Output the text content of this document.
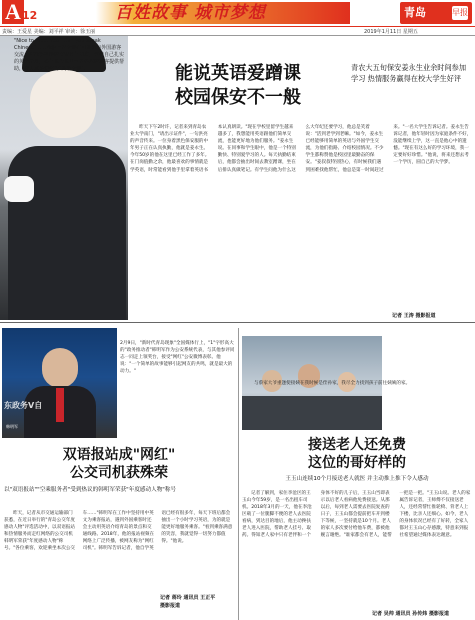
A 12	百姓故事 城市梦想	青岛	早报
责编：王爱星 美编：刘平祥 审读：徐玉丽	2019年1月11日 星期五
"Nice to meet you""Can you speak Chinese"……栈桥上的交警在用英语与外国游客交流。在栈桥执勤的交警青年刘宾，凭借自己扎实的英语功底，多年来为来自世界各地的游客提供帮助，被大家亲切称为"英语交警"。	能说英语爱蹭课
校园保安不一般
青农大五旬保安姜永生业余时间参加学习 热情服务赢得在校大学生好评
昨天下午2时许，记者来到青岛农业大学南门，"请出示证件"，一句洪亮的声音传来。一位身着黑色保安服的中年男子正在认真执勤，他就是姜永生。今年50岁的他在这里已经工作了多年。在门岗值勤之余，他最喜欢的事情就是学英语，时常能看到他手里拿着英语书本认真朗读。"现在学校里留学生越来越多了，我想能用英语跟他们简单交流，也能更好地为他们服务。"姜永生说。在同事和学生眼中，他是一个特别勤快、特别爱学习的人。每天执勤结束后，他都会抽出时间去教室蹭课，坐在后排认真做笔记。有学生问他为什么这么大年纪还要学习，他总是笑着说："活到老学到老嘛。"如今，姜永生已经能够用简单的英语与外国学生交流，为他们指路、介绍校园情况。不少学生都称赞他是校园里最勤奋的保安。"姜叔叔特别热心，有时候我们遇到困难找他帮忙，他总是第一时间赶过来。"一名大学生告诉记者。姜永生告诉记者，他年轻时因为家庭条件不好，没能继续上学，这一直是他心中的遗憾。"现在有这么好的学习环境，我一定要好好珍惜。"他说，将来还想去考一个学历，圆自己的大学梦。
记者 王涛 摄影报道
东政务V自
韩明军
2月9日，"新时代青岛现象"全国媒体行上，"1"字形高大的"政务推动者"韩明军作为公安系统代表，与其他参评同志一同走上领奖台，接受"网红"公安微博表彰。他说："一个简单的故事能够引起网友的共鸣，就是最大的动力。"
双语报站成"网红"
公交司机获殊荣
以"双语报站""空乘服务者"受到热议的韩明军荣获"年度感动人物"称号
昨天，记者从市交通运输部门获悉，在近日举行的"青岛公交年度感动人物"评选活动中，以双语报站和热情服务而走红网络的公交司机韩明军荣获"年度感动人物"称号。"各位乘客，欢迎乘坐本次公交车……"韩明军在工作中坚持用中英文为乘客报站，遇到外国乘客时还会主动用英语介绍青岛的景点和交通线路。2018年，他的报站视频在网络上广泛传播，被网友称为"网红司机"。韩明军告诉记者，他自学英语已经有很多年，每天下班后都会抽出一个小时学习英语，为的就是能更好地服务乘客。"看到乘客满意的笑容，我就觉得一切努力都值得。"他说。
记者 蒋玲 通讯员 王正平
摄影报道
与蔡家大爷重逢使接姨在我时候是侄孙家，我尽全力找到孩子前往姨姨的家。
接送老人还免费
这位的哥好样的
王玉山连续10个月接送老人就医 并主动推上推下令人感动
记者了解到，家住李沧区的王玉山今年59岁，是一名出租车司机。2018年3月的一天，他在李沧区载了一位腿脚不便的老人去医院看病，到达目的地后，他主动搀扶老人进入医院，帮助老人挂号、取药。得知老人家中只有老伴和一个身体不好的儿子后，王玉山当即表示以后老人看病他免费接送。从那以后，每到老人需要去医院复查的日子，王玉山都会提前把车开到楼下等候，一坚持就是10个月。老人的家人多次要付给他车费，都被他婉言谢绝。"谁家都会有老人，能帮一把是一把。"王玉山说。老人的家属告诉记者，王师傅不仅接送老人，还经常帮忙推轮椅、背老人上下楼，比亲人还细心。如今，老人的身体状况已经有了好转，全家人都对王玉山心存感激，特意来到报社希望通过媒体表达谢意。
记者 吴帅 通讯员 孙传炜 摄影报道
